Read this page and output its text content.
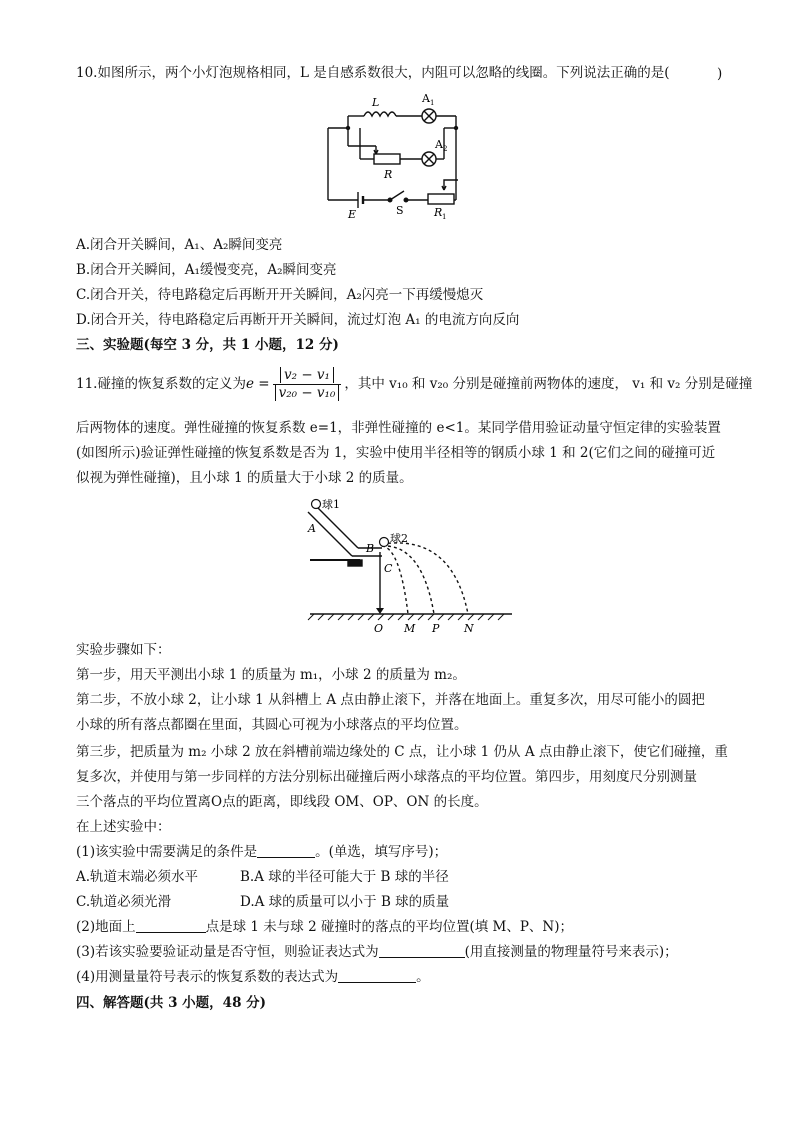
10.如图所示，两个小灯泡规格相同，L 是自感系数很大，内阻可以忽略的线圈。下列说法正确的是(	)
L	A 1
A 2
R
S
E	R 1
A.闭合开关瞬间，A₁、A₂瞬间变亮
B.闭合开关瞬间，A₁缓慢变亮，A₂瞬间变亮
C.闭合开关，待电路稳定后再断开开关瞬间，A₂闪亮一下再缓慢熄灭
D.闭合开关，待电路稳定后再断开开关瞬间，流过灯泡 A₁ 的电流方向反向
三、实验题(每空 3 分，共 1 小题，12 分)
11.碰撞的恢复系数的定义为$e = \frac{\text{v₂ − v₁}}{\text{v₂₀ − v₁₀}}$ ，其中 v₁₀ 和 v₂₀ 分别是碰撞前两物体的速度， v₁ 和 v₂ 分别是碰撞
后两物体的速度。弹性碰撞的恢复系数 e=1，非弹性碰撞的 e<1。某同学借用验证动量守恒定律的实验装置
(如图所示)验证弹性碰撞的恢复系数是否为 1，实验中使用半径相等的钢质小球 1 和 2(它们之间的碰撞可近
似视为弹性碰撞)，且小球 1 的质量大于小球 2 的质量。
球1
球2
A
B
C
O M P N
实验步骤如下：
第一步，用天平测出小球 1 的质量为 m₁，小球 2 的质量为 m₂。
第二步，不放小球 2，让小球 1 从斜槽上 A 点由静止滚下，并落在地面上。重复多次，用尽可能小的圆把
小球的所有落点都圈在里面，其圆心可视为小球落点的平均位置。
第三步，把质量为 m₂ 小球 2 放在斜槽前端边缘处的 C 点，让小球 1 仍从 A 点由静止滚下，使它们碰撞，重
复多次，并使用与第一步同样的方法分别标出碰撞后两小球落点的平均位置。第四步，用刻度尺分别测量
三个落点的平均位置离O点的距离，即线段 OM、OP、ON 的长度。
在上述实验中：
(1)该实验中需要满足的条件是	。(单选，填写序号)；
A.轨道末端必须水平	B.A 球的半径可能大于 B 球的半径
C.轨道必须光滑	D.A 球的质量可以小于 B 球的质量
(2)地面上	点是球 1 未与球 2 碰撞时的落点的平均位置(填 M、P、N)；
(3)若该实验要验证动量是否守恒，则验证表达式为	(用直接测量的物理量符号来表示)；
(4)用测量量符号表示的恢复系数的表达式为	。
四、解答题(共 3 小题，48 分)
